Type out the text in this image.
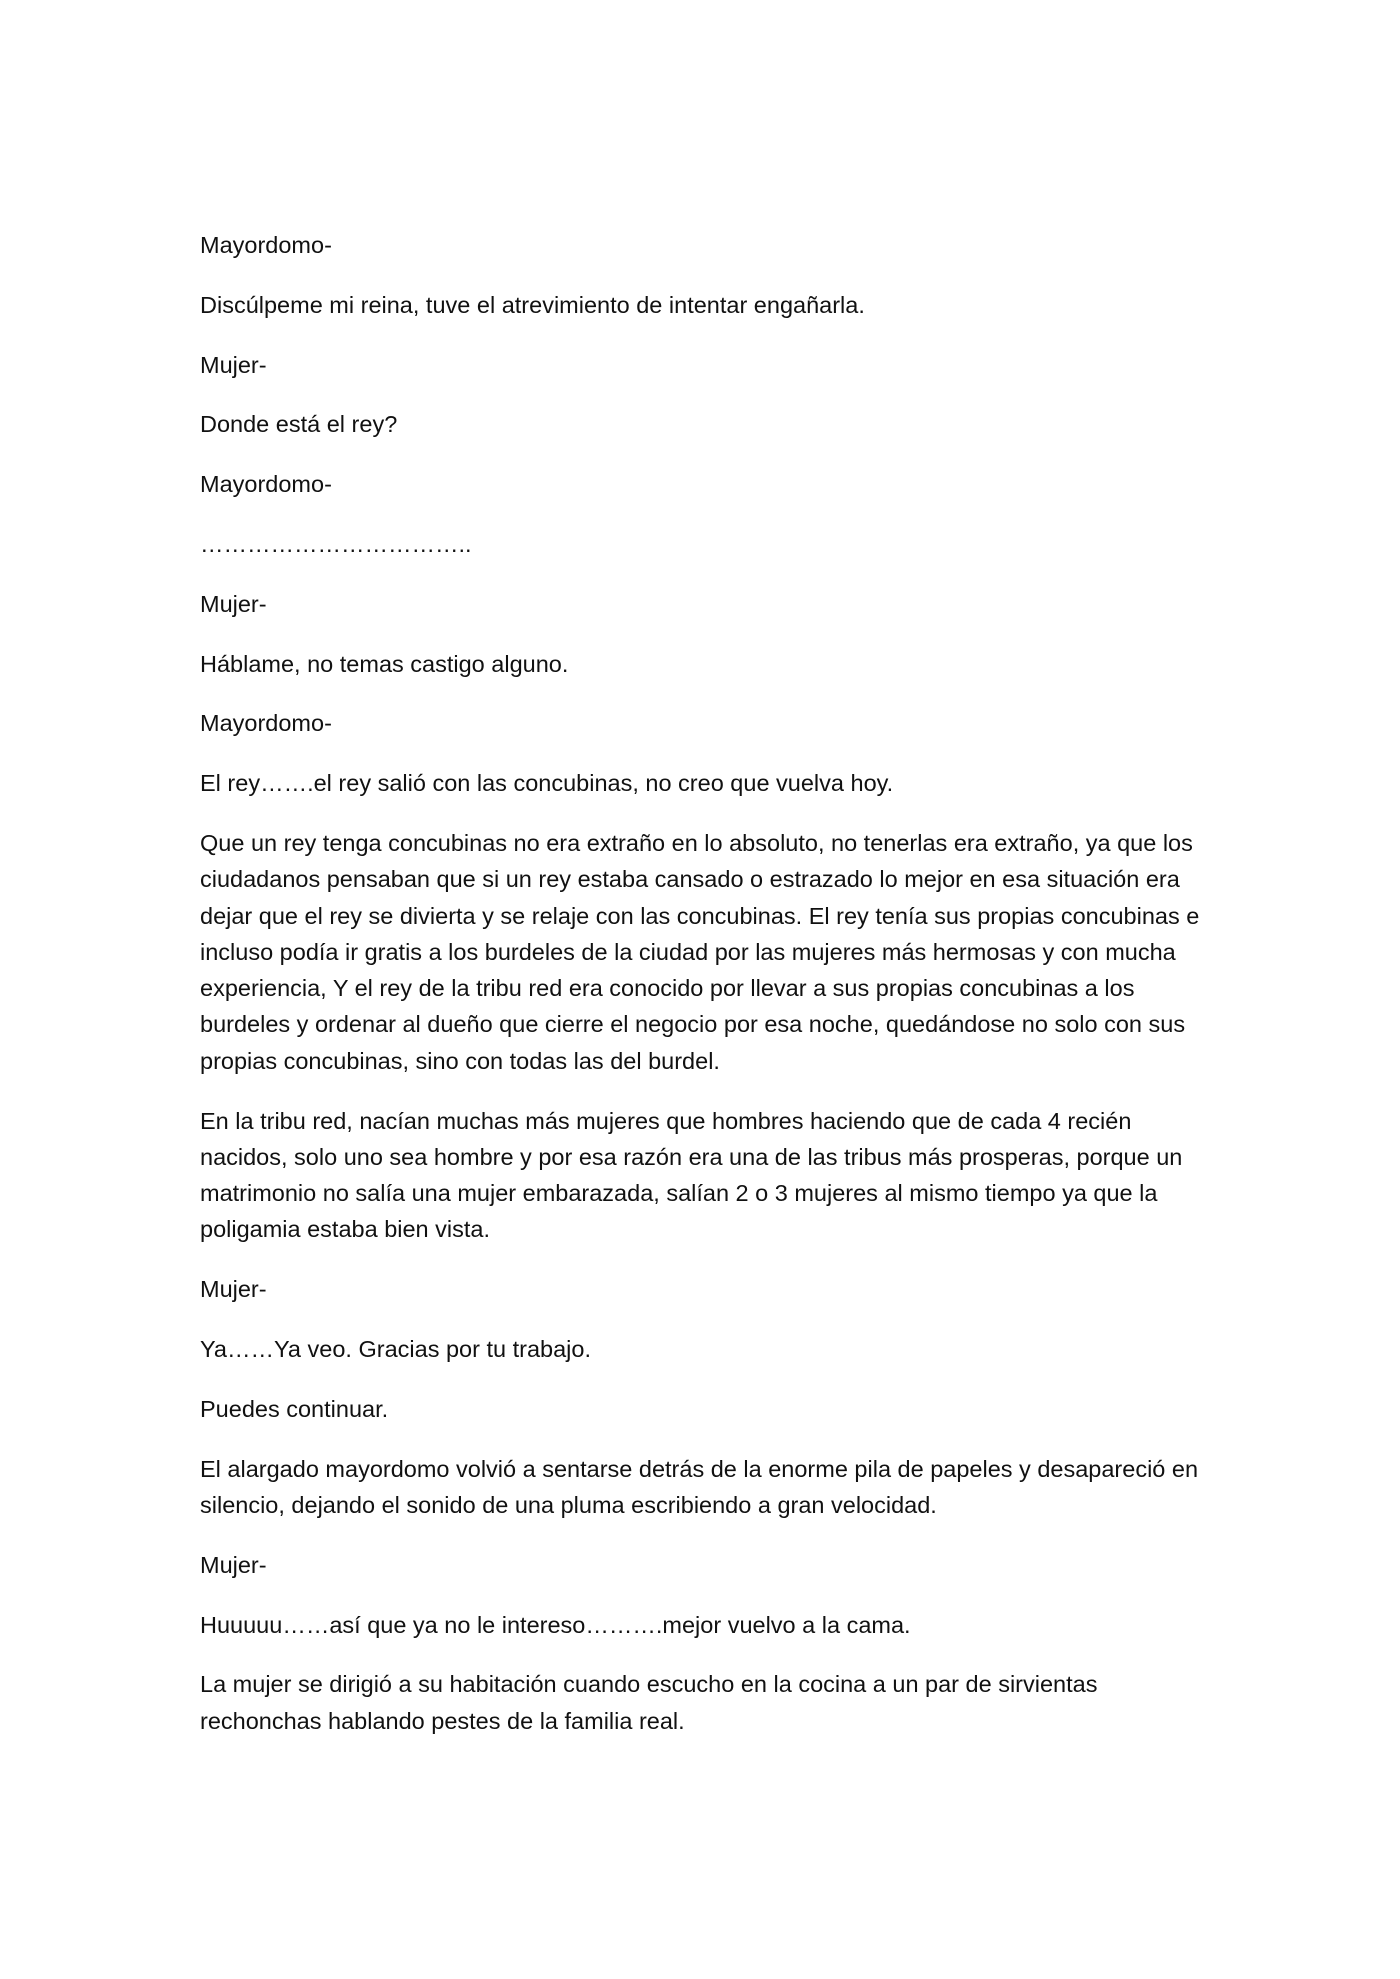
Mayordomo-

Discúlpeme mi reina, tuve el atrevimiento de intentar engañarla.

Mujer-

Donde está el rey?

Mayordomo-

……………………………..

Mujer-

Háblame, no temas castigo alguno.

Mayordomo-

El rey…….el rey salió con las concubinas, no creo que vuelva hoy.

Que un rey tenga concubinas no era extraño en lo absoluto, no tenerlas era extraño, ya que los ciudadanos pensaban que si un rey estaba cansado o estrazado lo mejor en esa situación era dejar que el rey se divierta y se relaje con las concubinas. El rey tenía sus propias concubinas e incluso podía ir gratis a los burdeles de la ciudad por las mujeres más hermosas y con mucha experiencia, Y el rey de la tribu red era conocido por llevar a sus propias concubinas a los burdeles y ordenar al dueño que cierre el negocio por esa noche, quedándose no solo con sus propias concubinas, sino con todas las del burdel.

En la tribu red, nacían muchas más mujeres que hombres haciendo que de cada 4 recién nacidos, solo uno sea hombre y por esa razón era una de las tribus más prosperas, porque un matrimonio no salía una mujer embarazada, salían 2 o 3 mujeres al mismo tiempo ya que la poligamia estaba bien vista.

Mujer-

Ya……Ya veo. Gracias por tu trabajo.

Puedes continuar.

El alargado mayordomo volvió a sentarse detrás de la enorme pila de papeles y desapareció en silencio, dejando el sonido de una pluma escribiendo a gran velocidad.

Mujer-

Huuuuu……así que ya no le intereso……….mejor vuelvo a la cama.

La mujer se dirigió a su habitación cuando escucho en la cocina a un par de sirvientas rechonchas hablando pestes de la familia real.
